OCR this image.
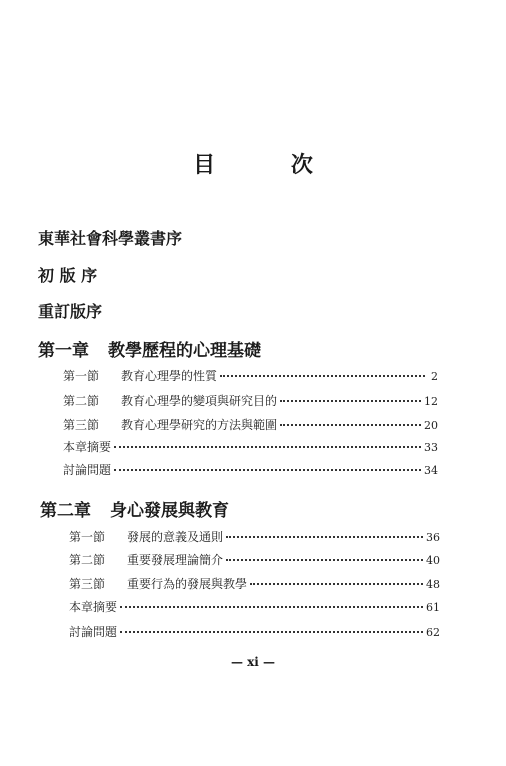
目 次
東華社會科學叢書序
初 版 序
重訂版序
第一章 教學歷程的心理基礎
第一節	教育心理學的性質	2
第二節	教育心理學的變項與研究目的	12
第三節	教育心理學研究的方法與範圍	20
本章摘要	33
討論問題	34
第二章 身心發展與教育
第一節	發展的意義及通則	36
第二節	重要發展理論簡介	40
第三節	重要行為的發展與教學	48
本章摘要	61
討論問題	62
— xi —
